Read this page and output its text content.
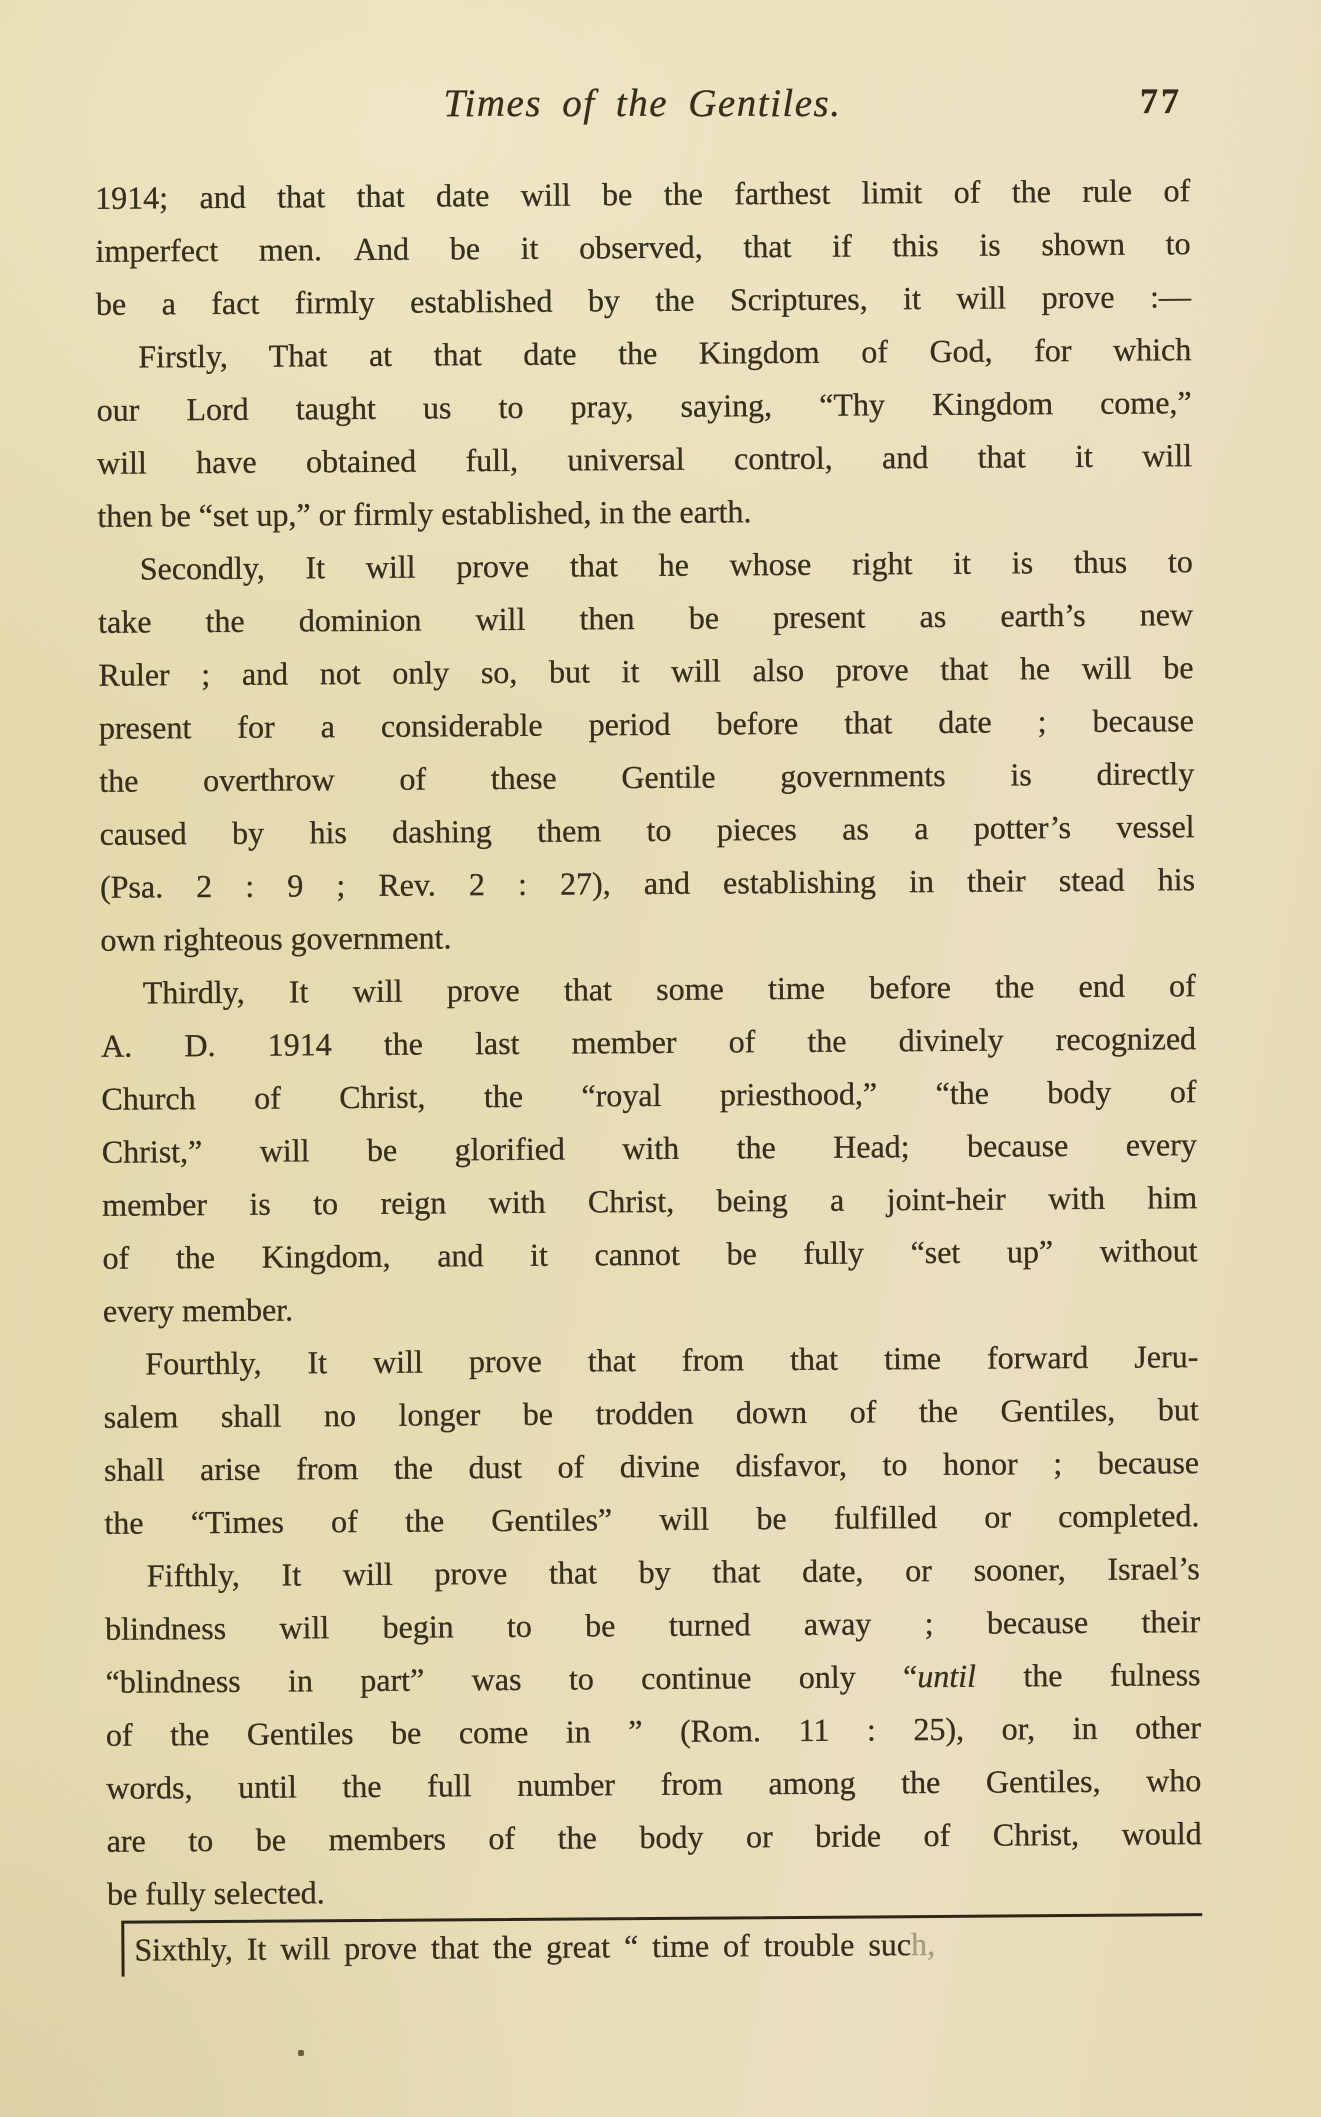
Times of the Gentiles.	77
1914; and that that date will be the farthest limit of the rule of
imperfect men. And be it observed, that if this is shown to
be a fact firmly established by the Scriptures, it will prove :—
Firstly, That at that date the Kingdom of God, for which
our Lord taught us to pray, saying, “Thy Kingdom come,”
will have obtained full, universal control, and that it will
then be “set up,” or firmly established, in the earth.
Secondly, It will prove that he whose right it is thus to
take the dominion will then be present as earth’s new
Ruler ; and not only so, but it will also prove that he will be
present for a considerable period before that date ; because
the overthrow of these Gentile governments is directly
caused by his dashing them to pieces as a potter’s vessel
(Psa. 2 : 9 ; Rev. 2 : 27), and establishing in their stead his
own righteous government.
Thirdly, It will prove that some time before the end of
A. D. 1914 the last member of the divinely recognized
Church of Christ, the “royal priesthood,” “the body of
Christ,” will be glorified with the Head; because every
member is to reign with Christ, being a joint-heir with him
of the Kingdom, and it cannot be fully “set up” without
every member.
Fourthly, It will prove that from that time forward Jeru-
salem shall no longer be trodden down of the Gentiles, but
shall arise from the dust of divine disfavor, to honor ; because
the “Times of the Gentiles” will be fulfilled or completed.
Fifthly, It will prove that by that date, or sooner, Israel’s
blindness will begin to be turned away ; because their
“blindness in part” was to continue only “until the fulness
of the Gentiles be come in ” (Rom. 11 : 25), or, in other
words, until the full number from among the Gentiles, who
are to be members of the body or bride of Christ, would
be fully selected.
Sixthly, It will prove that the great “ time of trouble such,
